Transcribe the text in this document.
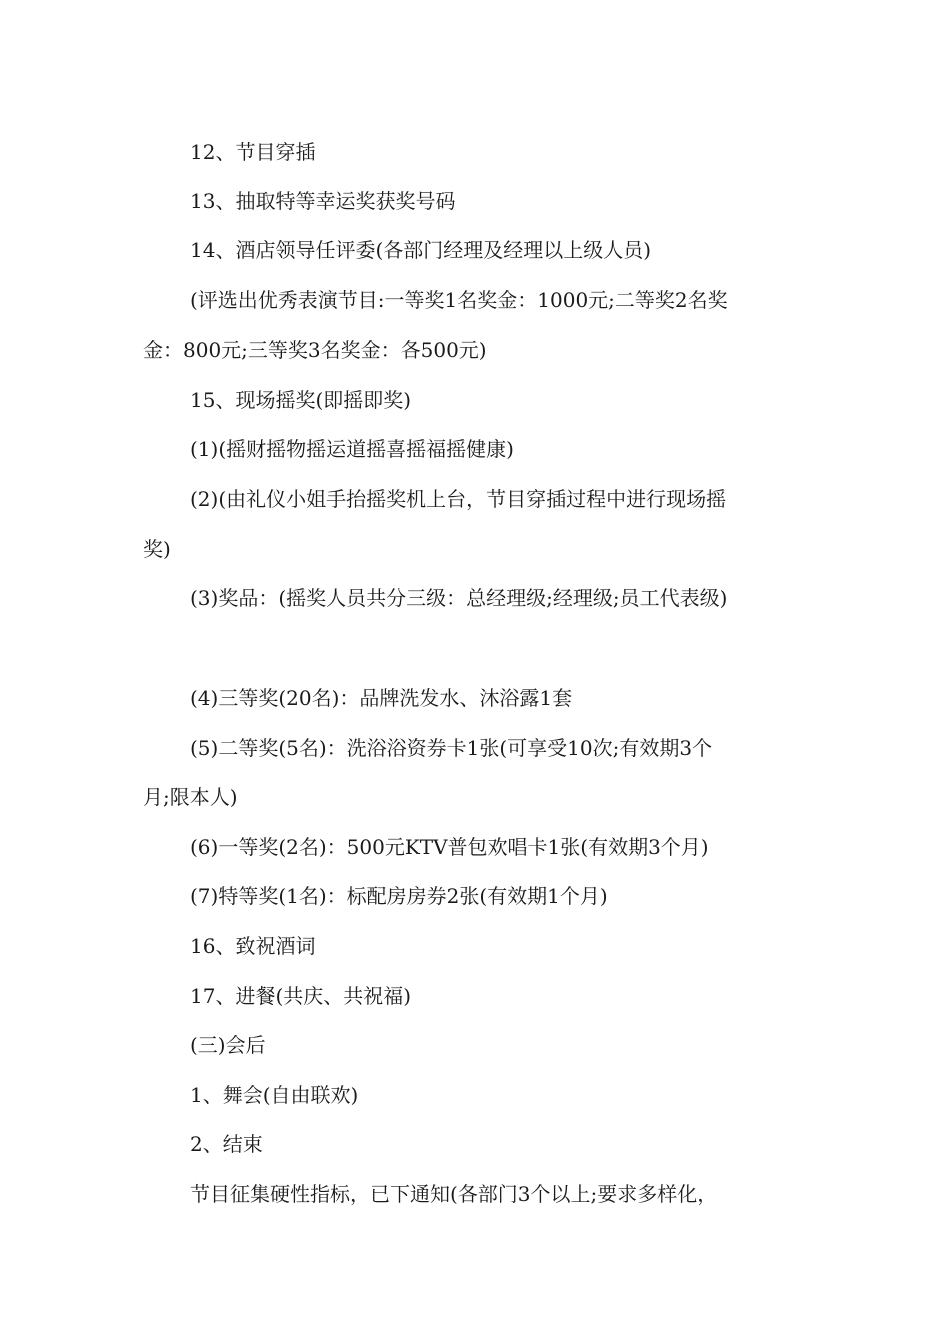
12、节目穿插
13、抽取特等幸运奖获奖号码
14、酒店领导任评委(各部门经理及经理以上级人员)
(评选出优秀表演节目:一等奖1名奖金：1000元;二等奖2名奖
金：800元;三等奖3名奖金：各500元)
15、现场摇奖(即摇即奖)
(1)(摇财摇物摇运道摇喜摇福摇健康)
(2)(由礼仪小姐手抬摇奖机上台，节目穿插过程中进行现场摇
奖)
(3)奖品：(摇奖人员共分三级：总经理级;经理级;员工代表级)
(4)三等奖(20名)：品牌洗发水、沐浴露1套
(5)二等奖(5名)：洗浴浴资券卡1张(可享受10次;有效期3个
月;限本人)
(6)一等奖(2名)：500元KTV普包欢唱卡1张(有效期3个月)
(7)特等奖(1名)：标配房房券2张(有效期1个月)
16、致祝酒词
17、进餐(共庆、共祝福)
(三)会后
1、舞会(自由联欢)
2、结束
节目征集硬性指标，已下通知(各部门3个以上;要求多样化，
